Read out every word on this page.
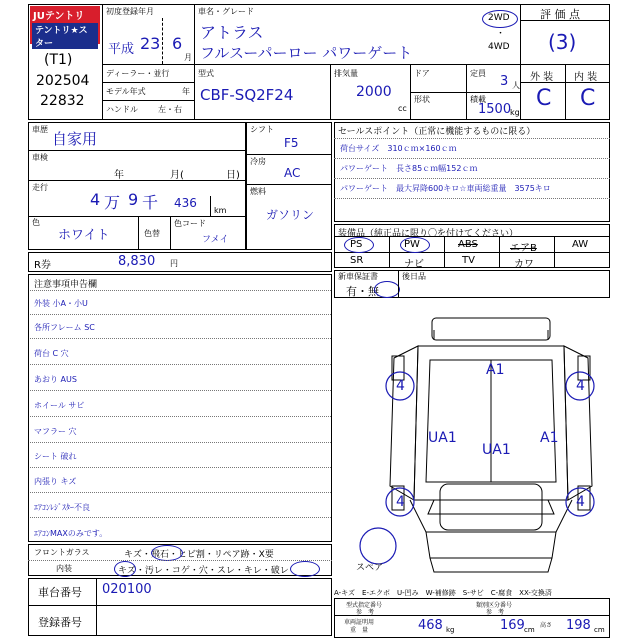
JUテントリ
テントリ★スター
(T1)
202504
22832
初度登録年月
平成 23 6
月
ディーラー・並行
モデル年式	年
ハンドル	左・右
車名・グレード
アトラス
フルスーパーロー パワーゲート
2WD
・
4WD
型式
CBF-SQ2F24
排気量
2000
cc
ドア	定員
3 人
形状	積載
1500
kg
評 価 点
(3)
外 装 内 装
C C
車歴
自家用
車検
年	月(	日)
走行
4 万 9 千 436
km
色
ホワイト	色替
色コード
フメイ
シフト
F5
冷房
AC
燃料
ガソリン
セールスポイント（正常に機能するものに限る）
荷台サイズ　310ｃｍ×160ｃｍ
パワーゲート　長さ85ｃｍ幅152ｃｍ
パワーゲート　最大昇降600キロ☆車両総重量　3575キロ
装備品（純正品に限り〇を付けてください）
PS	PW	ABS	エアB	AW
SR	ナビ	TV	カワ
R券	8,830 円
新車保証書
有・無
後日品
注意事項申告欄
外装 小A・小U
各所フレーム SC
荷台 C 穴
あおり AUS
ホイール サビ
マフラー 穴
シート 破れ
内張り キズ
ｴｱｺﾝﾚｼﾞｽﾀｰ不良
ｴｱｺﾝMAXのみです。
フロントガラス	キズ・飛石・ヒビ割・リペア跡・X要
内装	キズ・汚レ・コゲ・穴・スレ・キレ・破レ
車台番号 020100
登録番号
A1
UA1
UA1
A1
4	4
4	4
スペア
A-キズ　E-エクボ　U-凹み　W-補修跡　S-サビ　C-腐食　XX-交換済
型式指定番号
参　考
類別区分番号
参　考
車両証明用
重　量	468 kg	169 cm
高さ 198 cm
